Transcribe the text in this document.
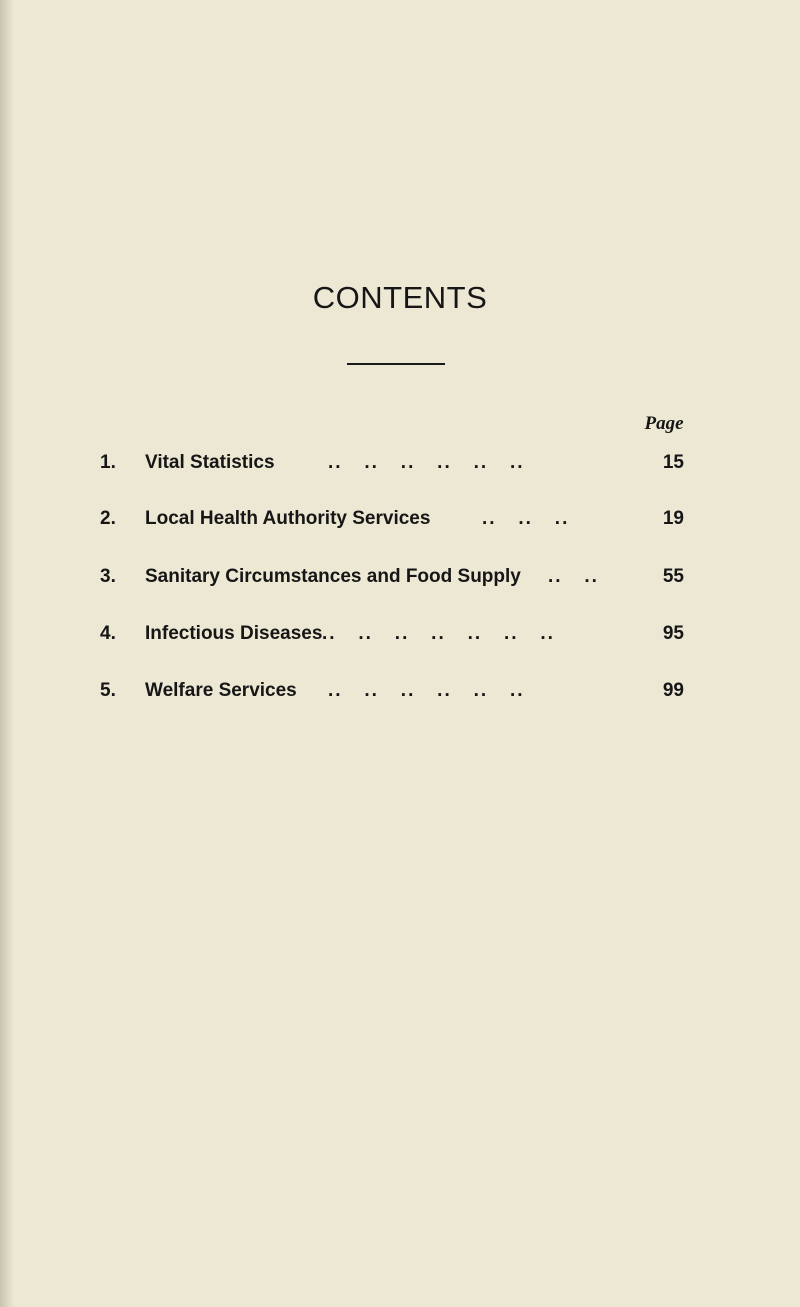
CONTENTS
Page
1. Vital Statistics	..   ..   ..   ..   ..   ..	15
2. Local Health Authority Services	..   ..   ..	19
3. Sanitary Circumstances and Food Supply ..   ..	55
4. Infectious Diseases ..   ..   ..   ..   ..   ..   ..	95
5. Welfare Services ..   ..   ..   ..   ..   ..	99
